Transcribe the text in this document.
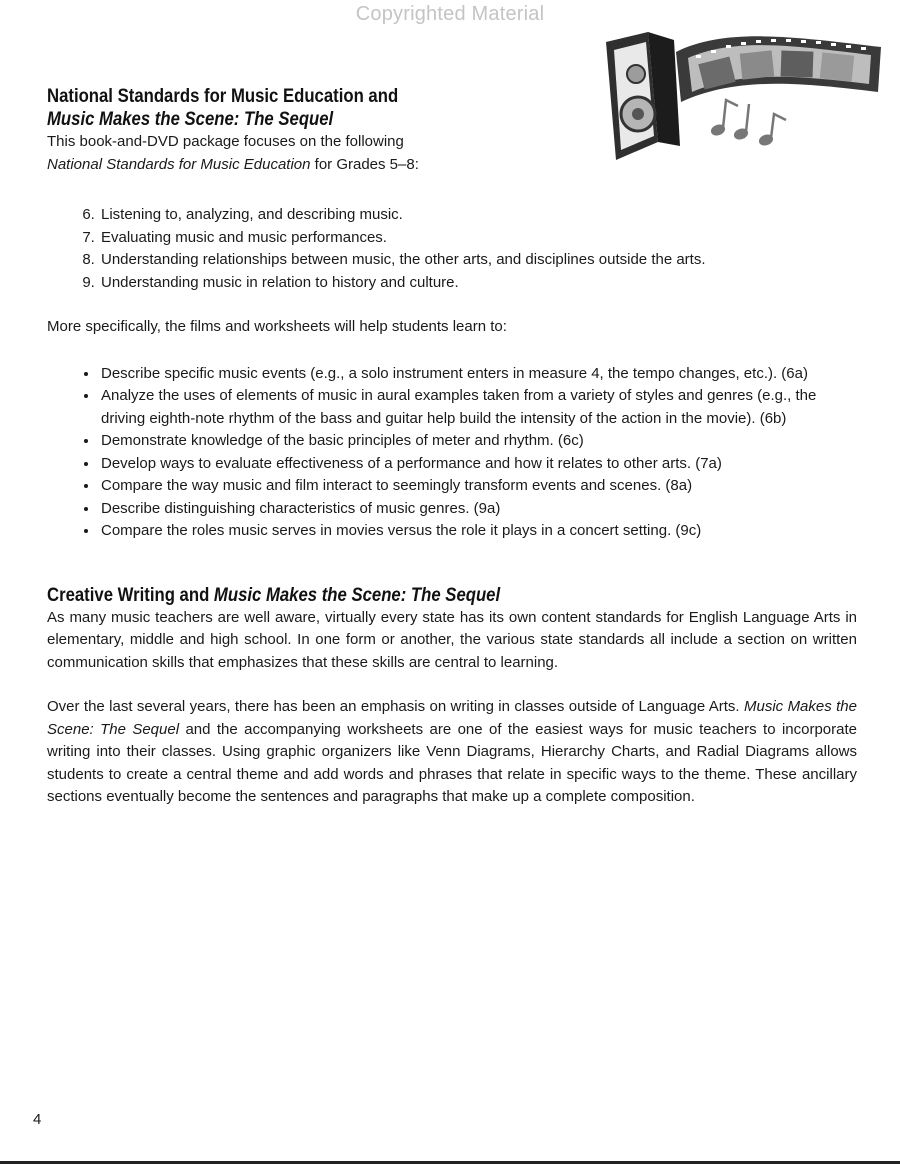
Copyrighted Material
National Standards for Music Education and
Music Makes the Scene: The Sequel
This book-and-DVD package focuses on the following
National Standards for Music Education for Grades 5–8:
6. Listening to, analyzing, and describing music.
7. Evaluating music and music performances.
8. Understanding relationships between music, the other arts, and disciplines outside the arts.
9. Understanding music in relation to history and culture.
More specifically, the films and worksheets will help students learn to:
• Describe specific music events (e.g., a solo instrument enters in measure 4, the tempo changes, etc.). (6a)
• Analyze the uses of elements of music in aural examples taken from a variety of styles and genres (e.g., the driving eighth-note rhythm of the bass and guitar help build the intensity of the action in the movie). (6b)
• Demonstrate knowledge of the basic principles of meter and rhythm. (6c)
• Develop ways to evaluate effectiveness of a performance and how it relates to other arts. (7a)
• Compare the way music and film interact to seemingly transform events and scenes. (8a)
• Describe distinguishing characteristics of music genres. (9a)
• Compare the roles music serves in movies versus the role it plays in a concert setting. (9c)
Creative Writing and Music Makes the Scene: The Sequel
As many music teachers are well aware, virtually every state has its own content standards for English Language Arts in elementary, middle and high school. In one form or another, the various state standards all include a section on written communication skills that emphasizes that these skills are central to learning.
Over the last several years, there has been an emphasis on writing in classes outside of Language Arts. Music Makes the Scene: The Sequel and the accompanying worksheets are one of the easiest ways for music teachers to incorporate writing into their classes. Using graphic organizers like Venn Diagrams, Hierarchy Charts, and Radial Diagrams allows students to create a central theme and add words and phrases that relate in specific ways to the theme. These ancillary sections eventually become the sentences and paragraphs that make up a complete composition.
4
